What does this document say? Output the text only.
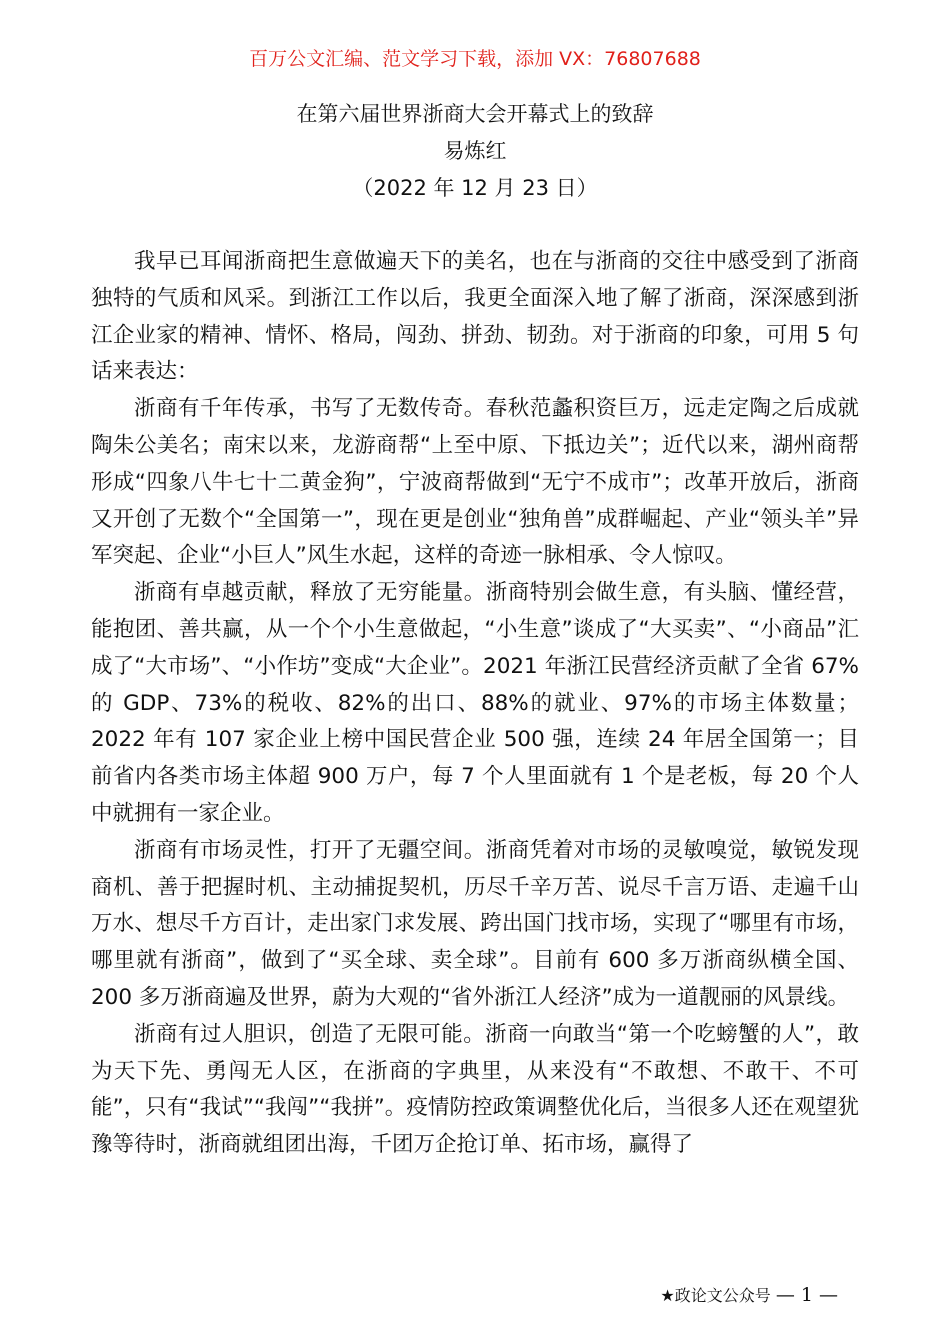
百万公文汇编、范文学习下载，添加 VX：76807688
在第六届世界浙商大会开幕式上的致辞
易炼红
（2022 年 12 月 23 日）

我早已耳闻浙商把生意做遍天下的美名，也在与浙商的交往中感受到了浙商独特的气质和风采。到浙江工作以后，我更全面深入地了解了浙商，深深感到浙江企业家的精神、情怀、格局，闯劲、拼劲、韧劲。对于浙商的印象，可用 5 句话来表达：

浙商有千年传承，书写了无数传奇。春秋范蠡积资巨万，远走定陶之后成就陶朱公美名；南宋以来，龙游商帮“上至中原、下抵边关”；近代以来，湖州商帮形成“四象八牛七十二黄金狗”，宁波商帮做到“无宁不成市”；改革开放后，浙商又开创了无数个“全国第一”，现在更是创业“独角兽”成群崛起、产业“领头羊”异军突起、企业“小巨人”风生水起，这样的奇迹一脉相承、令人惊叹。

浙商有卓越贡献，释放了无穷能量。浙商特别会做生意，有头脑、懂经营，能抱团、善共赢，从一个个小生意做起，“小生意”谈成了“大买卖”、“小商品”汇成了“大市场”、“小作坊”变成“大企业”。2021 年浙江民营经济贡献了全省 67%的 GDP、73%的税收、82%的出口、88%的就业、97%的市场主体数量；2022 年有 107 家企业上榜中国民营企业 500 强，连续 24 年居全国第一；目前省内各类市场主体超 900 万户，每 7 个人里面就有 1 个是老板，每 20 个人中就拥有一家企业。

浙商有市场灵性，打开了无疆空间。浙商凭着对市场的灵敏嗅觉，敏锐发现商机、善于把握时机、主动捕捉契机，历尽千辛万苦、说尽千言万语、走遍千山万水、想尽千方百计，走出家门求发展、跨出国门找市场，实现了“哪里有市场，哪里就有浙商”，做到了“买全球、卖全球”。目前有 600 多万浙商纵横全国、200 多万浙商遍及世界，蔚为大观的“省外浙江人经济”成为一道靓丽的风景线。

浙商有过人胆识，创造了无限可能。浙商一向敢当“第一个吃螃蟹的人”，敢为天下先、勇闯无人区，在浙商的字典里，从来没有“不敢想、不敢干、不可能”，只有“我试”“我闯”“我拼”。疫情防控政策调整优化后，当很多人还在观望犹豫等待时，浙商就组团出海，千团万企抢订单、拓市场，赢得了

★政论文公众号 — 1 —
